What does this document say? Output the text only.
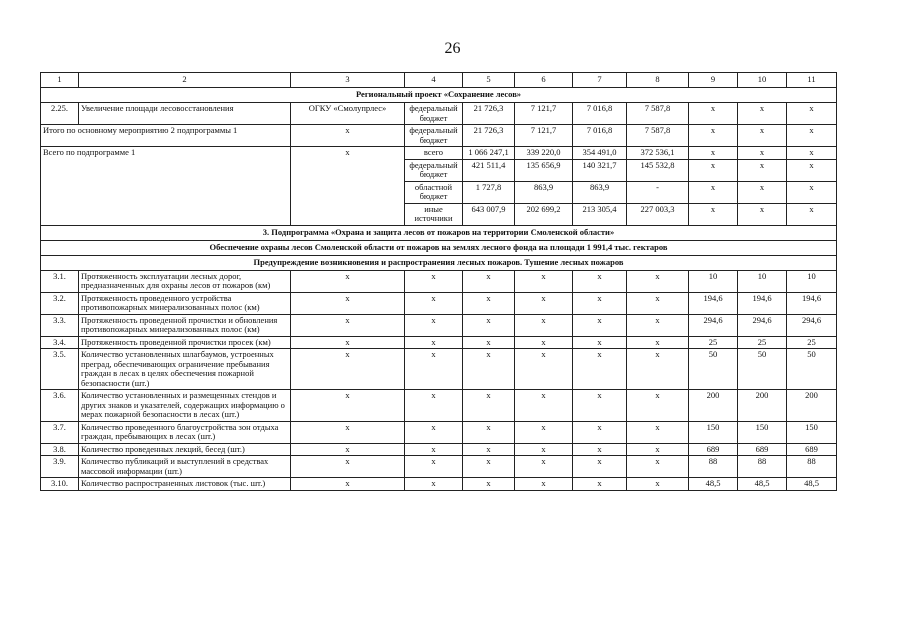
26
1	2	3	4	5	6	7	8	9	10	11
Региональный проект «Сохранение лесов»										
2.25.	Увеличение площади лесовосстановления	ОГКУ «Смолупрлес»	федеральный бюджет	21 726,3	7 121,7	7 016,8	7 587,8	x	x	x
Итого по основному мероприятию 2 подпрограммы 1		x	федеральный бюджет	21 726,3	7 121,7	7 016,8	7 587,8	x	x	x
Всего по подпрограмме 1		x	всего	1 066 247,1	339 220,0	354 491,0	372 536,1	x	x	x
			федеральный бюджет	421 511,4	135 656,9	140 321,7	145 532,8	x	x	x
			областной бюджет	1 727,8	863,9	863,9	-	x	x	x
			иные источники	643 007,9	202 699,2	213 305,4	227 003,3	x	x	x
3. Подпрограмма «Охрана и защита лесов от пожаров на территории Смоленской области»										
Обеспечение охраны лесов Смоленской области от пожаров на землях лесного фонда на площади 1 991,4 тыс. гектаров										
Предупреждение возникновения и распространения лесных пожаров. Тушение лесных пожаров										
3.1.	Протяженность эксплуатации лесных дорог, предназначенных для охраны лесов от пожаров (км)	x	x	x	x	x	x	10	10	10
3.2.	Протяженность проведенного устройства противопожарных минерализованных полос (км)	x	x	x	x	x	x	194,6	194,6	194,6
3.3.	Протяженность проведенной прочистки и обновления противопожарных минерализованных полос (км)	x	x	x	x	x	x	294,6	294,6	294,6
3.4.	Протяженность проведенной прочистки просек (км)	x	x	x	x	x	x	25	25	25
3.5.	Количество установленных шлагбаумов, устроенных преград, обеспечивающих ограничение пребывания граждан в лесах в целях обеспечения пожарной безопасности (шт.)	x	x	x	x	x	x	50	50	50
3.6.	Количество установленных и размещенных стендов и других знаков и указателей, содержащих информацию о мерах пожарной безопасности в лесах (шт.)	x	x	x	x	x	x	200	200	200
3.7.	Количество проведенного благоустройства зон отдыха граждан, пребывающих в лесах (шт.)	x	x	x	x	x	x	150	150	150
3.8.	Количество проведенных лекций, бесед (шт.)	x	x	x	x	x	x	689	689	689
3.9.	Количество публикаций и выступлений в средствах массовой информации (шт.)	x	x	x	x	x	x	88	88	88
3.10.	Количество распространенных листовок (тыс. шт.)	x	x	x	x	x	x	48,5	48,5	48,5
